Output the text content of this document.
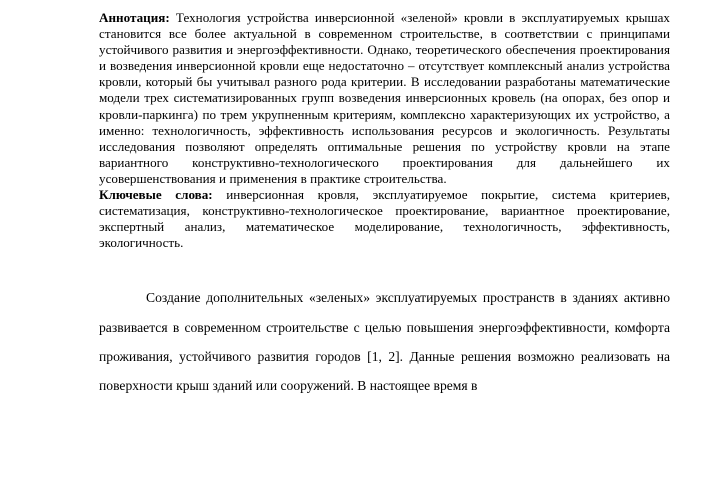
Аннотация: Технология устройства инверсионной «зеленой» кровли в эксплуатируемых крышах становится все более актуальной в современном строительстве, в соответствии с принципами устойчивого развития и энергоэффективности. Однако, теоретического обеспечения проектирования и возведения инверсионной кровли еще недостаточно – отсутствует комплексный анализ устройства кровли, который бы учитывал разного рода критерии. В исследовании разработаны математические модели трех систематизированных групп возведения инверсионных кровель (на опорах, без опор и кровли-паркинга) по трем укрупненным критериям, комплексно характеризующих их устройство, а именно: технологичность, эффективность использования ресурсов и экологичность. Результаты исследования позволяют определять оптимальные решения по устройству кровли на этапе вариантного конструктивно-технологического проектирования для дальнейшего их усовершенствования и применения в практике строительства.

Ключевые слова: инверсионная кровля, эксплуатируемое покрытие, система критериев, систематизация, конструктивно-технологическое проектирование, вариантное проектирование, экспертный анализ, математическое моделирование, технологичность, эффективность, экологичность.

Создание дополнительных «зеленых» эксплуатируемых пространств в зданиях активно развивается в современном строительстве с целью повышения энергоэффективности, комфорта проживания, устойчивого развития городов [1, 2]. Данные решения возможно реализовать на поверхности крыш зданий или сооружений. В настоящее время в
